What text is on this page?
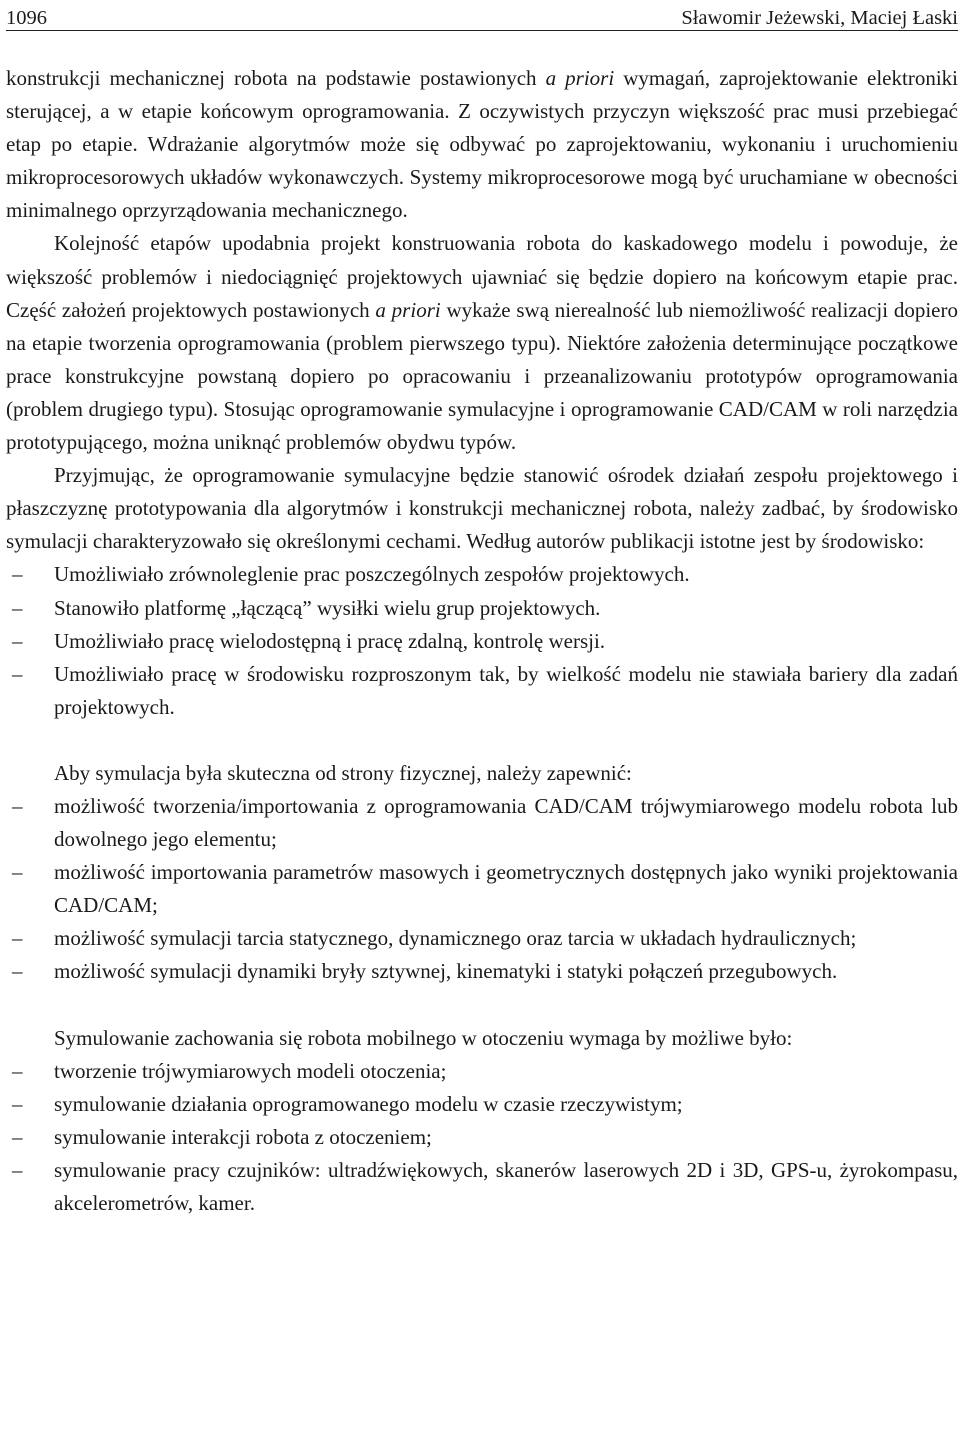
1096	Sławomir Jeżewski, Maciej Łaski

konstrukcji mechanicznej robota na podstawie postawionych a priori wymagań, zaprojektowanie elektroniki sterującej, a w etapie końcowym oprogramowania. Z oczywistych przyczyn większość prac musi przebiegać etap po etapie. Wdrażanie algorytmów może się odbywać po zaprojektowaniu, wykonaniu i uruchomieniu mikroprocesorowych układów wykonawczych. Systemy mikroprocesorowe mogą być uruchamiane w obecności minimalnego oprzyrządowania mechanicznego.

Kolejność etapów upodabnia projekt konstruowania robota do kaskadowego modelu i powoduje, że większość problemów i niedociągnięć projektowych ujawniać się będzie dopiero na końcowym etapie prac. Część założeń projektowych postawionych a priori wykaże swą nierealność lub niemożliwość realizacji dopiero na etapie tworzenia oprogramowania (problem pierwszego typu). Niektóre założenia determinujące początkowe prace konstrukcyjne powstaną dopiero po opracowaniu i przeanalizowaniu prototypów oprogramowania (problem drugiego typu). Stosując oprogramowanie symulacyjne i oprogramowanie CAD/CAM w roli narzędzia prototypującego, można uniknąć problemów obydwu typów.

Przyjmując, że oprogramowanie symulacyjne będzie stanowić ośrodek działań zespołu projektowego i płaszczyznę prototypowania dla algorytmów i konstrukcji mechanicznej robota, należy zadbać, by środowisko symulacji charakteryzowało się określonymi cechami. Według autorów publikacji istotne jest by środowisko:

–	Umożliwiało zrównoleglenie prac poszczególnych zespołów projektowych.
–	Stanowiło platformę „łączącą” wysiłki wielu grup projektowych.
–	Umożliwiało pracę wielodostępną i pracę zdalną, kontrolę wersji.
–	Umożliwiało pracę w środowisku rozproszonym tak, by wielkość modelu nie stawiała bariery dla zadań projektowych.

Aby symulacja była skuteczna od strony fizycznej, należy zapewnić:

–	możliwość tworzenia/importowania z oprogramowania CAD/CAM trójwymiarowego modelu robota lub dowolnego jego elementu;
–	możliwość importowania parametrów masowych i geometrycznych dostępnych jako wyniki projektowania CAD/CAM;
–	możliwość symulacji tarcia statycznego, dynamicznego oraz tarcia w układach hydraulicznych;
–	możliwość symulacji dynamiki bryły sztywnej, kinematyki i statyki połączeń przegubowych.

Symulowanie zachowania się robota mobilnego w otoczeniu wymaga by możliwe było:

–	tworzenie trójwymiarowych modeli otoczenia;
–	symulowanie działania oprogramowanego modelu w czasie rzeczywistym;
–	symulowanie interakcji robota z otoczeniem;
–	symulowanie pracy czujników: ultradźwiękowych, skanerów laserowych 2D i 3D, GPS-u, żyrokompasu, akcelerometrów, kamer.
